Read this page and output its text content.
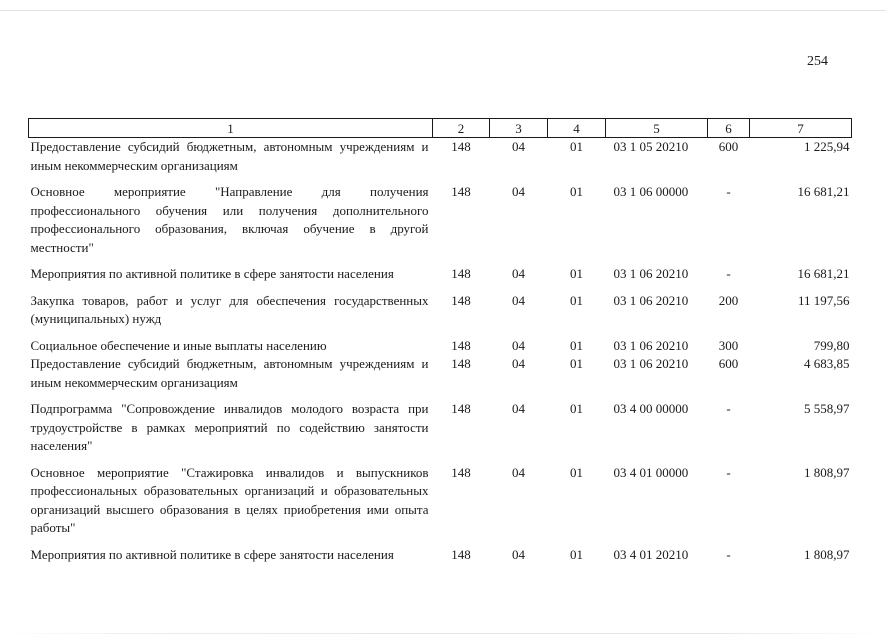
254
1	2	3	4	5	6	7
Предоставление субсидий бюджетным, автономным учреждениям и иным некоммерческим организациям	148	04	01	03 1 05 20210	600	1 225,94
Основное мероприятие "Направление для получения профессионального обучения или получения дополнительного профессионального образования, включая обучение в другой местности"	148	04	01	03 1 06 00000	-	16 681,21
Мероприятия по активной политике в сфере занятости населения	148	04	01	03 1 06 20210	-	16 681,21
Закупка товаров, работ и услуг для обеспечения государственных (муниципальных) нужд	148	04	01	03 1 06 20210	200	11 197,56
Социальное обеспечение и иные выплаты населению	148	04	01	03 1 06 20210	300	799,80
Предоставление субсидий бюджетным, автономным учреждениям и иным некоммерческим организациям	148	04	01	03 1 06 20210	600	4 683,85
Подпрограмма "Сопровождение инвалидов молодого возраста при трудоустройстве в рамках мероприятий по содействию занятости населения"	148	04	01	03 4 00 00000	-	5 558,97
Основное мероприятие "Стажировка инвалидов и выпускников профессиональных образовательных организаций и образовательных организаций высшего образования в целях приобретения ими опыта работы"	148	04	01	03 4 01 00000	-	1 808,97
Мероприятия по активной политике в сфере занятости населения	148	04	01	03 4 01 20210	-	1 808,97
